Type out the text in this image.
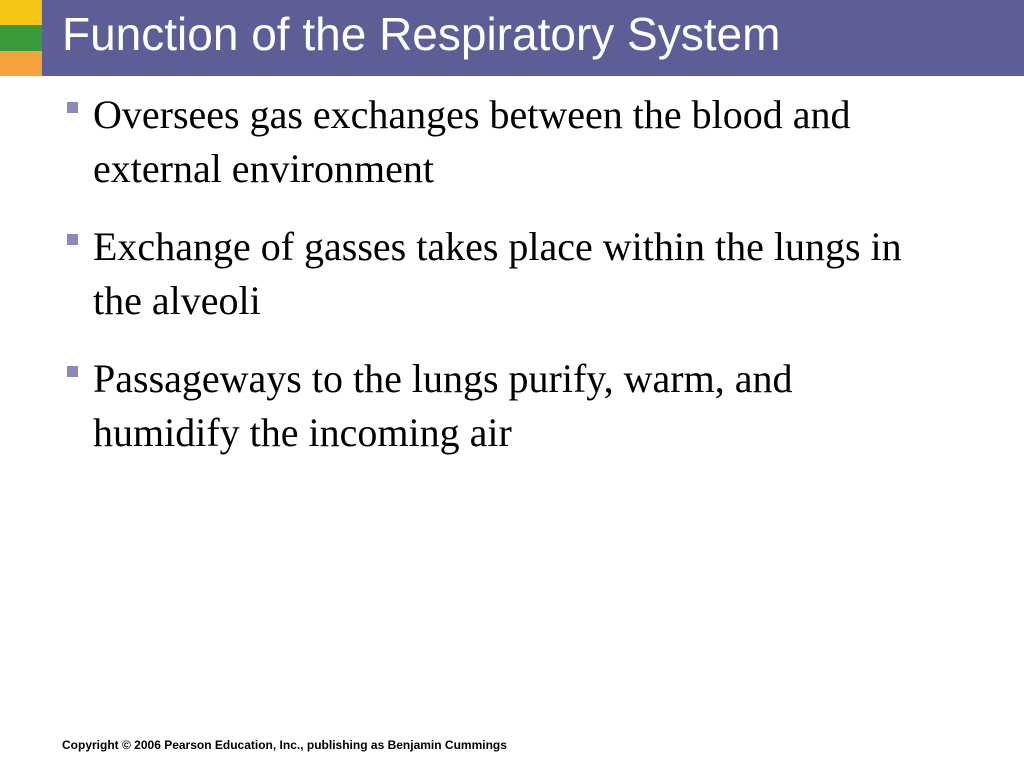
Function of the Respiratory System
Oversees gas exchanges between the blood and external environment
Exchange of gasses takes place within the lungs in the alveoli
Passageways to the lungs purify, warm, and humidify the incoming air
Copyright © 2006 Pearson Education, Inc., publishing as Benjamin Cummings
